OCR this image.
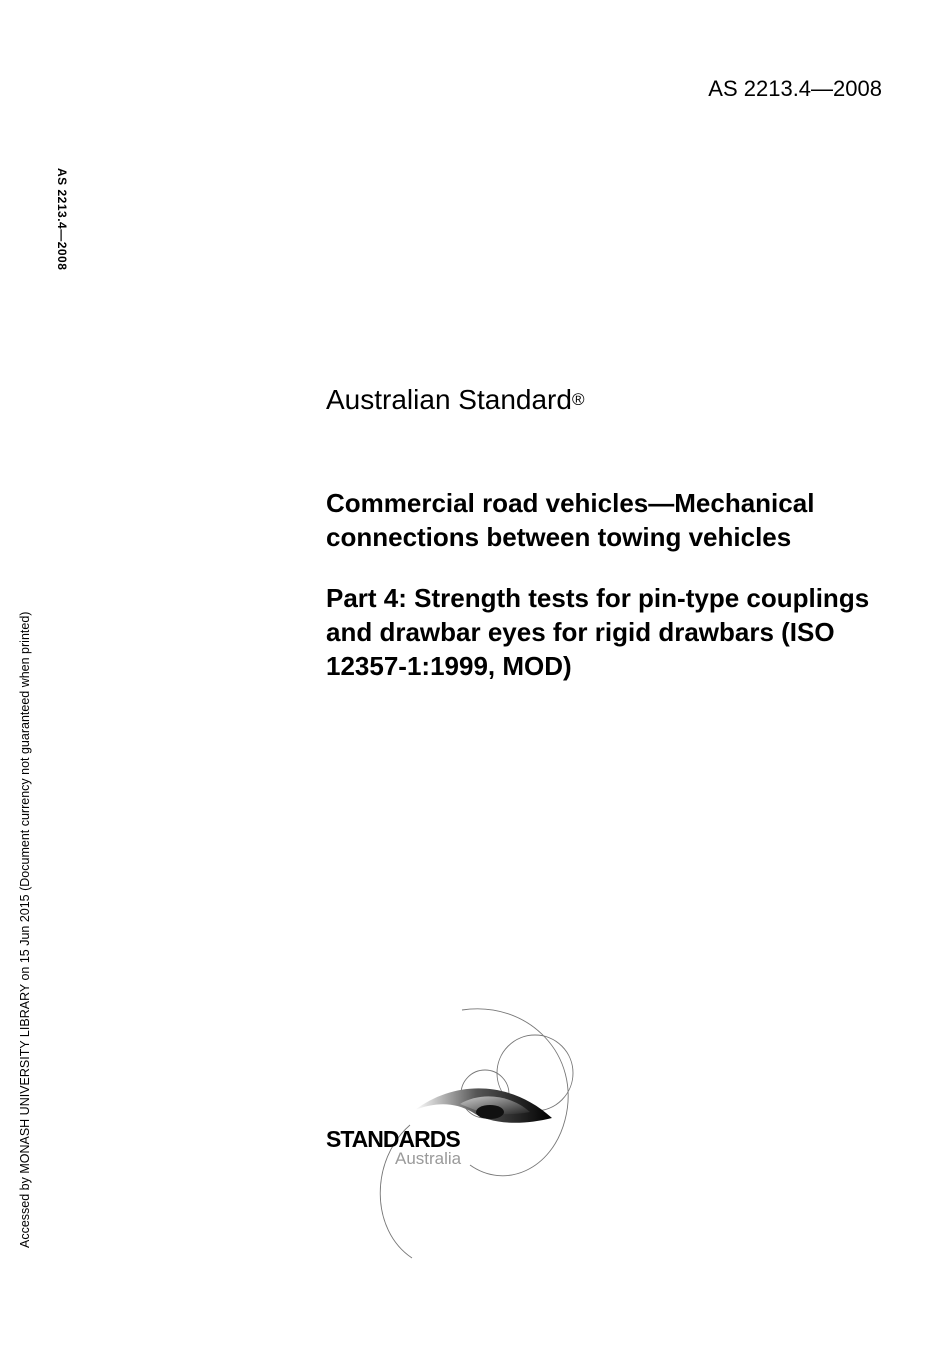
AS 2213.4—2008
AS 2213.4—2008
Accessed by MONASH UNIVERSITY LIBRARY on 15 Jun 2015 (Document currency not guaranteed when printed)
Australian Standard®
Commercial road vehicles—Mechanical connections between towing vehicles
Part 4: Strength tests for pin-type couplings and drawbar eyes for rigid drawbars (ISO 12357-1:1999, MOD)
STANDARDS
Australia
